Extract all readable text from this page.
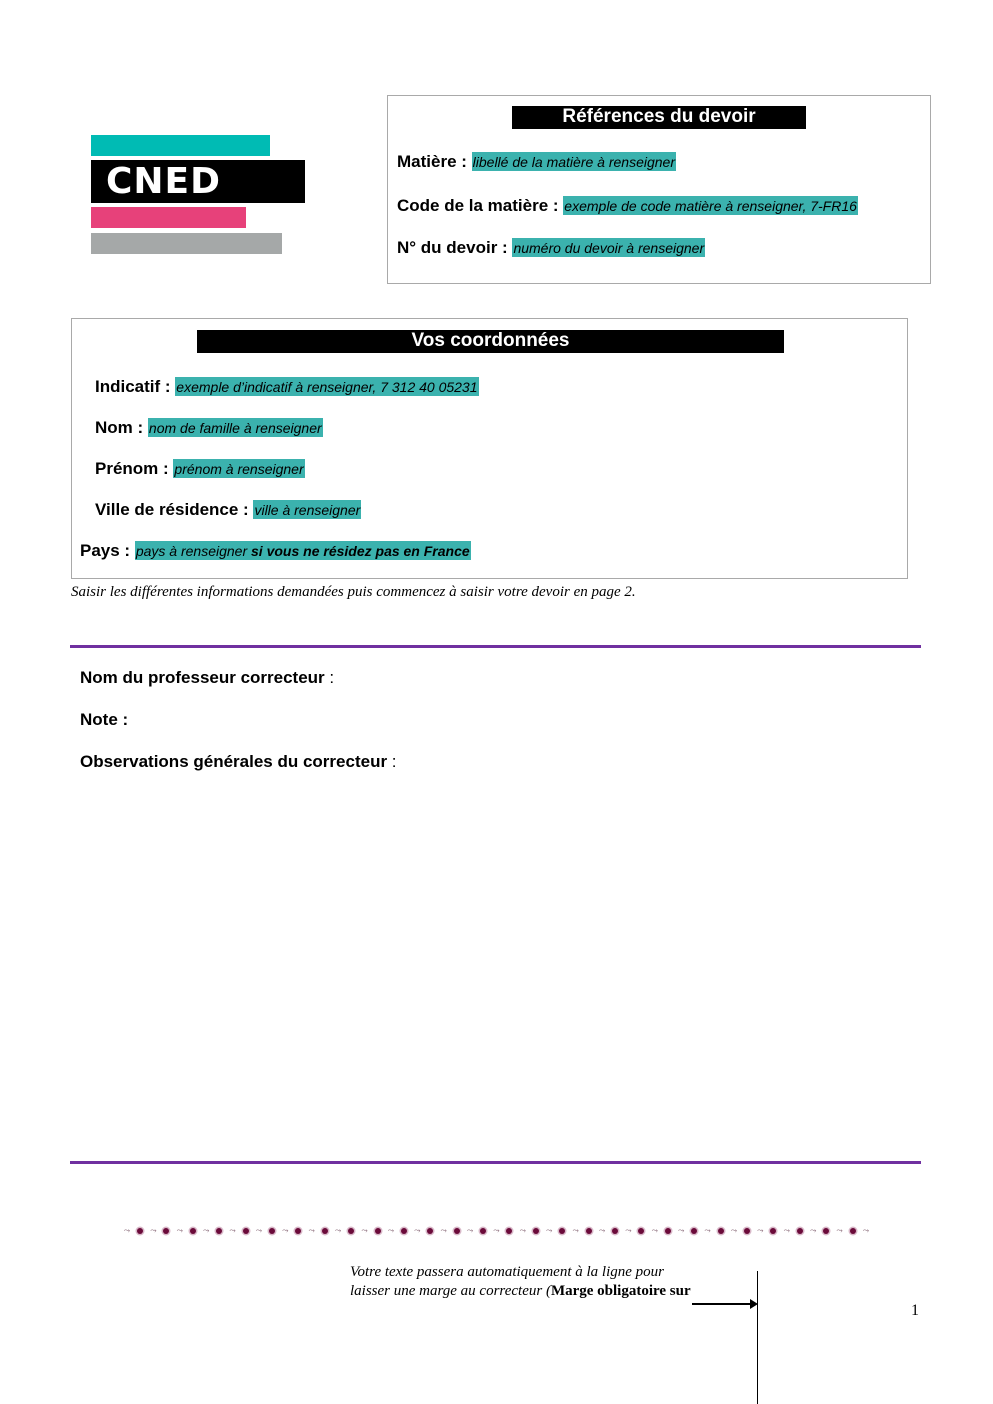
CNED
Références du devoir
Matière : libellé de la matière à renseigner
Code de la matière : exemple de code matière à renseigner, 7-FR16
N° du devoir : numéro du devoir à renseigner
Vos coordonnées
Indicatif : exemple d’indicatif à renseigner, 7 312 40 05231
Nom : nom de famille à renseigner
Prénom : prénom à renseigner
Ville de résidence : ville à renseigner
Pays : pays à renseigner si vous ne résidez pas en France
Saisir les différentes informations demandées puis commencez à saisir votre devoir en page 2.
Nom du professeur correcteur :
Note :
Observations générales du correcteur :
⤳	⤳	⤳	⤳	⤳	⤳	⤳	⤳	⤳	⤳	⤳	⤳	⤳	⤳	⤳	⤳	⤳	⤳	⤳	⤳	⤳	⤳	⤳	⤳	⤳	⤳	⤳	⤳	⤳
Votre texte passera automatiquement à la ligne pour
laisser une marge au correcteur (Marge obligatoire sur
1
